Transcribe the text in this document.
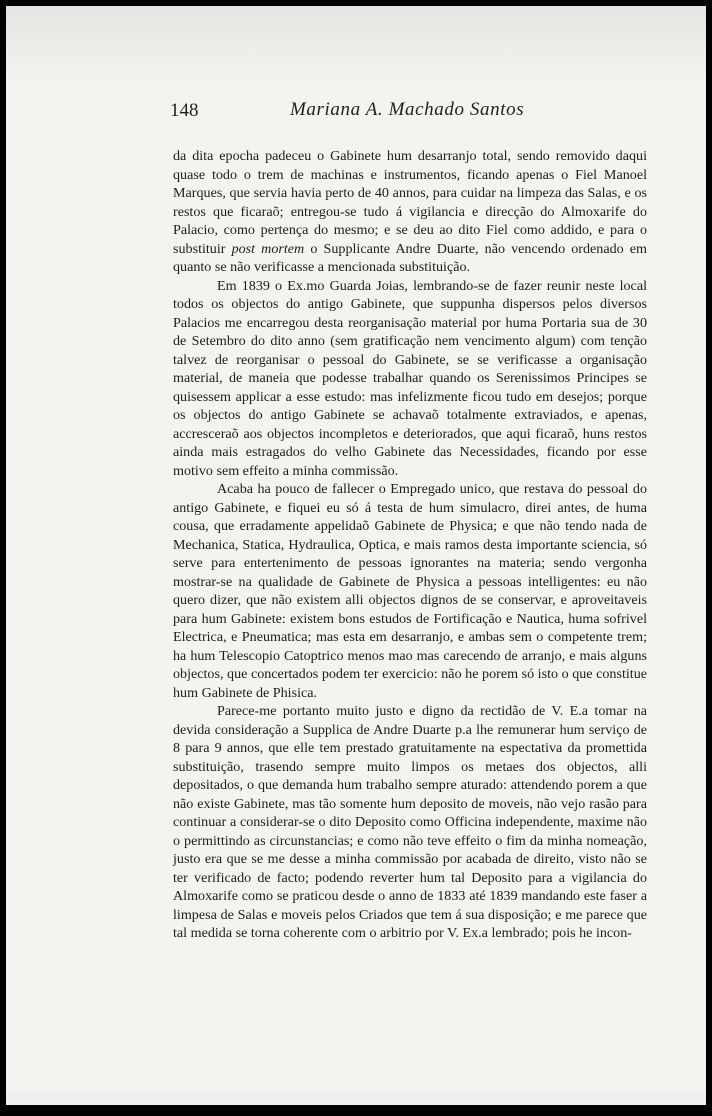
148	Mariana A. Machado Santos

da dita epocha padeceu o Gabinete hum desarranjo total, sendo removido daqui quase todo o trem de machinas e instrumentos, ficando apenas o Fiel Manoel Marques, que servia havia perto de 40 annos, para cuidar na limpeza das Salas, e os restos que ficaraõ; entregou-se tudo á vigilancia e direcção do Almoxarife do Palacio, como pertença do mesmo; e se deu ao dito Fiel como addido, e para o substituir post mortem o Supplicante Andre Duarte, não vencendo ordenado em quanto se não verificasse a mencionada substituição.

Em 1839 o Ex.mo Guarda Joias, lembrando-se de fazer reunir neste local todos os objectos do antigo Gabinete, que suppunha dispersos pelos diversos Palacios me encarregou desta reorganisação material por huma Portaria sua de 30 de Setembro do dito anno (sem gratificação nem vencimento algum) com tenção talvez de reorganisar o pessoal do Gabinete, se se verificasse a organisação material, de maneia que podesse trabalhar quando os Serenissimos Principes se quisessem applicar a esse estudo: mas infelizmente ficou tudo em desejos; porque os objectos do antigo Gabinete se achavaõ totalmente extraviados, e apenas, accresceraõ aos objectos incompletos e deteriorados, que aqui ficaraõ, huns restos ainda mais estragados do velho Gabinete das Necessidades, ficando por esse motivo sem effeito a minha commissão.

Acaba ha pouco de fallecer o Empregado unico, que restava do pessoal do antigo Gabinete, e fiquei eu só á testa de hum simulacro, direi antes, de huma cousa, que erradamente appelidaõ Gabinete de Physica; e que não tendo nada de Mechanica, Statica, Hydraulica, Optica, e mais ramos desta importante sciencia, só serve para entertenimento de pessoas ignorantes na materia; sendo vergonha mostrar-se na qualidade de Gabinete de Physica a pessoas intelligentes: eu não quero dizer, que não existem alli objectos dignos de se conservar, e aproveitaveis para hum Gabinete: existem bons estudos de Fortificação e Nautica, huma sofrivel Electrica, e Pneumatica; mas esta em desarranjo, e ambas sem o competente trem; ha hum Telescopio Catoptrico menos mao mas carecendo de arranjo, e mais alguns objectos, que concertados podem ter exercicio: não he porem só isto o que constitue hum Gabinete de Phisica.

Parece-me portanto muito justo e digno da rectidão de V. E.a tomar na devida consideração a Supplica de Andre Duarte p.a lhe remunerar hum serviço de 8 para 9 annos, que elle tem prestado gratuitamente na espectativa da promettida substituição, trasendo sempre muito limpos os metaes dos objectos, alli depositados, o que demanda hum trabalho sempre aturado: attendendo porem a que não existe Gabinete, mas tão somente hum deposito de moveis, não vejo rasão para continuar a considerar-se o dito Deposito como Officina independente, maxime não o permittindo as circunstancias; e como não teve effeito o fim da minha nomeação, justo era que se me desse a minha commissão por acabada de direito, visto não se ter verificado de facto; podendo reverter hum tal Deposito para a vigilancia do Almoxarife como se praticou desde o anno de 1833 até 1839 mandando este faser a limpesa de Salas e moveis pelos Criados que tem á sua disposição; e me parece que tal medida se torna coherente com o arbitrio por V. Ex.a lembrado; pois he incon-
